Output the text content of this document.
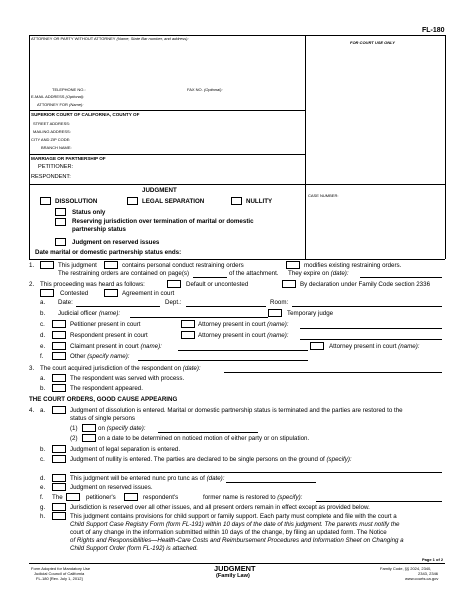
FL-180
ATTORNEY OR PARTY WITHOUT ATTORNEY (Name, State Bar number, and address):
FOR COURT USE ONLY
TELEPHONE NO.:	FAX NO. (Optional):
E-MAIL ADDRESS (Optional):
ATTORNEY FOR (Name):
SUPERIOR COURT OF CALIFORNIA, COUNTY OF
STREET ADDRESS:
MAILING ADDRESS:
CITY AND ZIP CODE:
BRANCH NAME:
MARRIAGE OR PARTNERSHIP OF
PETITIONER:
RESPONDENT:
JUDGMENT
DISSOLUTION	LEGAL SEPARATION	NULLITY
Status only
Reserving jurisdiction over termination of marital or domestic
partnership status
Judgment on reserved issues
Date marital or domestic partnership status ends:
CASE NUMBER:
1.	This judgment	contains personal conduct restraining orders	modifies existing restraining orders.
The restraining orders are contained on page(s)	of the attachment. They expire on (date):
2. This proceeding was heard as follows:	Default or uncontested	By declaration under Family Code section 2336
Contested	Agreement in court
a. Date:	Dept.:	Room:
b. Judicial officer (name):	Temporary judge
c.	Petitioner present in court	Attorney present in court (name):
d.	Respondent present in court	Attorney present in court (name):
e.	Claimant present in court (name):	Attorney present in court (name):
f.	Other (specify name):
3. The court acquired jurisdiction of the respondent on (date):
a.	The respondent was served with process.
b.	The respondent appeared.
THE COURT ORDERS, GOOD CAUSE APPEARING
4. a.	Judgment of dissolution is entered. Marital or domestic partnership status is terminated and the parties are restored to the
status of single persons
(1)	on (specify date):
(2)	on a date to be determined on noticed motion of either party or on stipulation.
b.	Judgment of legal separation is entered.
c.	Judgment of nullity is entered. The parties are declared to be single persons on the ground of (specify):
d.	This judgment will be entered nunc pro tunc as of (date):
e.	Judgment on reserved issues.
f. The	petitioner's	respondent's	former name is restored to (specify):
g.	Jurisdiction is reserved over all other issues, and all present orders remain in effect except as provided below.
h.	This judgment contains provisions for child support or family support. Each party must complete and file with the court a
Child Support Case Registry Form (form FL-191) within 10 days of the date of this judgment. The parents must notify the
court of any change in the information submitted within 10 days of the change, by filing an updated form. The Notice
of Rights and Responsibilities—Health-Care Costs and Reimbursement Procedures and Information Sheet on Changing a
Child Support Order (form FL-192) is attached.
Page 1 of 2
Form Adopted for Mandatory Use
Judicial Council of California
FL-180 [Rev. July 1, 2012]
JUDGMENT
(Family Law)
Family Code, §§ 2024, 2340,
2343, 2346
www.courts.ca.gov
